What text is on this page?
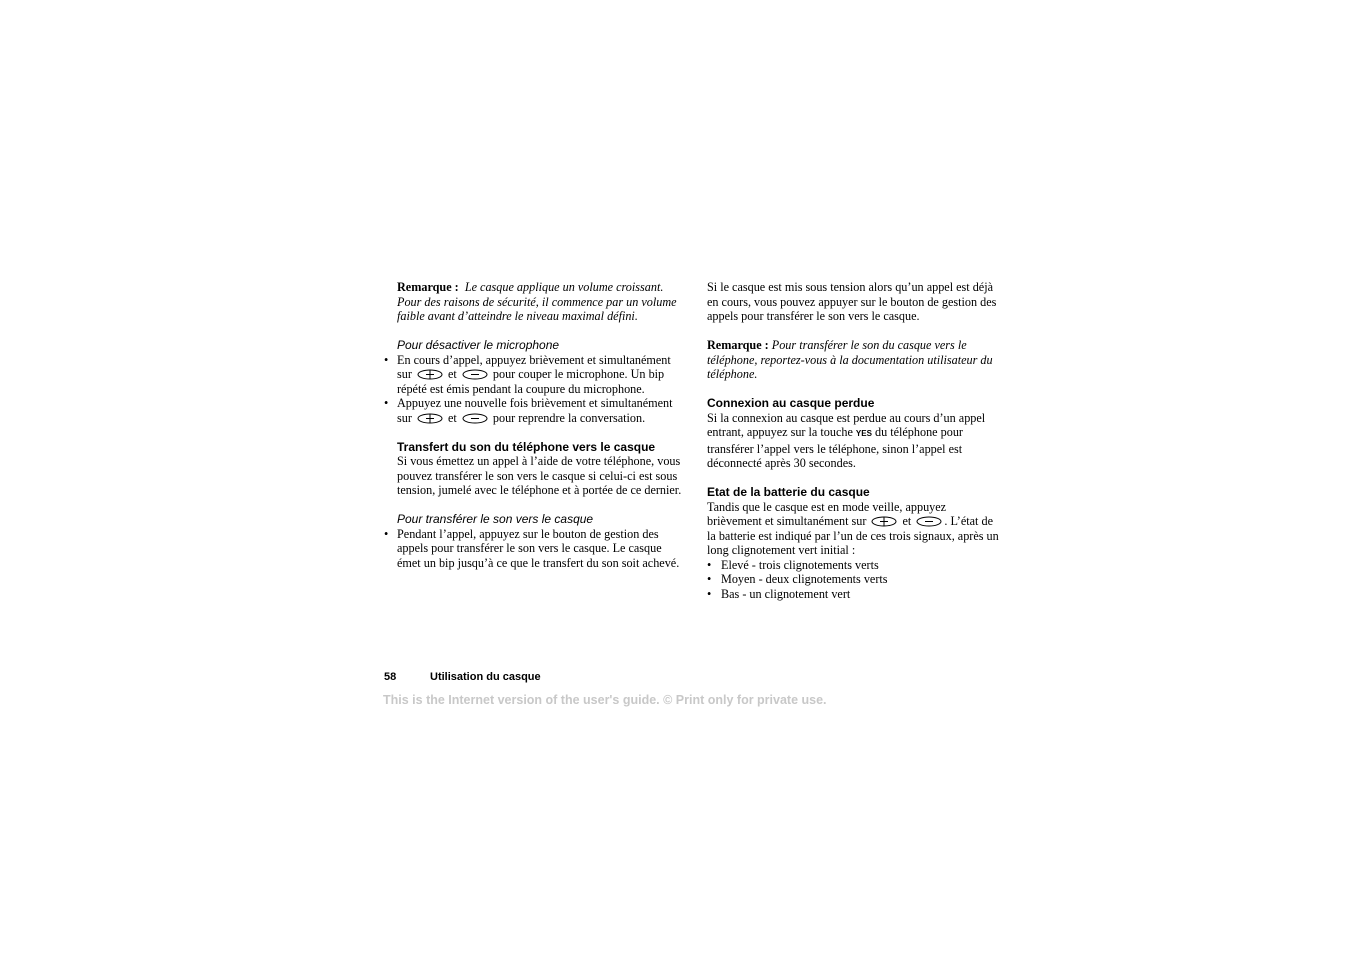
Remarque : Le casque applique un volume croissant. Pour des raisons de sécurité, il commence par un volume faible avant d’atteindre le niveau maximal défini.

Pour désactiver le microphone

• En cours d’appel, appuyez brièvement et simultanément sur	et	pour couper le microphone. Un bip répété est émis pendant la coupure du microphone.
• Appuyez une nouvelle fois brièvement et simultanément sur	et	pour reprendre la conversation.

Transfert du son du téléphone vers le casque

Si vous émettez un appel à l’aide de votre téléphone, vous pouvez transférer le son vers le casque si celui-ci est sous tension, jumelé avec le téléphone et à portée de ce dernier.

Pour transférer le son vers le casque

• Pendant l’appel, appuyez sur le bouton de gestion des appels pour transférer le son vers le casque. Le casque émet un bip jusqu’à ce que le transfert du son soit achevé.

Si le casque est mis sous tension alors qu’un appel est déjà en cours, vous pouvez appuyer sur le bouton de gestion des appels pour transférer le son vers le casque.

Remarque : Pour transférer le son du casque vers le téléphone, reportez-vous à la documentation utilisateur du téléphone.

Connexion au casque perdue

Si la connexion au casque est perdue au cours d’un appel entrant, appuyez sur la touche YES du téléphone pour transférer l’appel vers le téléphone, sinon l’appel est déconnecté après 30 secondes.

Etat de la batterie du casque

Tandis que le casque est en mode veille, appuyez brièvement et simultanément sur	et	. L’état de la batterie est indiqué par l’un de ces trois signaux, après un long clignotement vert initial :

• Elevé - trois clignotements verts
• Moyen - deux clignotements verts
• Bas - un clignotement vert
58	Utilisation du casque
This is the Internet version of the user's guide. © Print only for private use.
